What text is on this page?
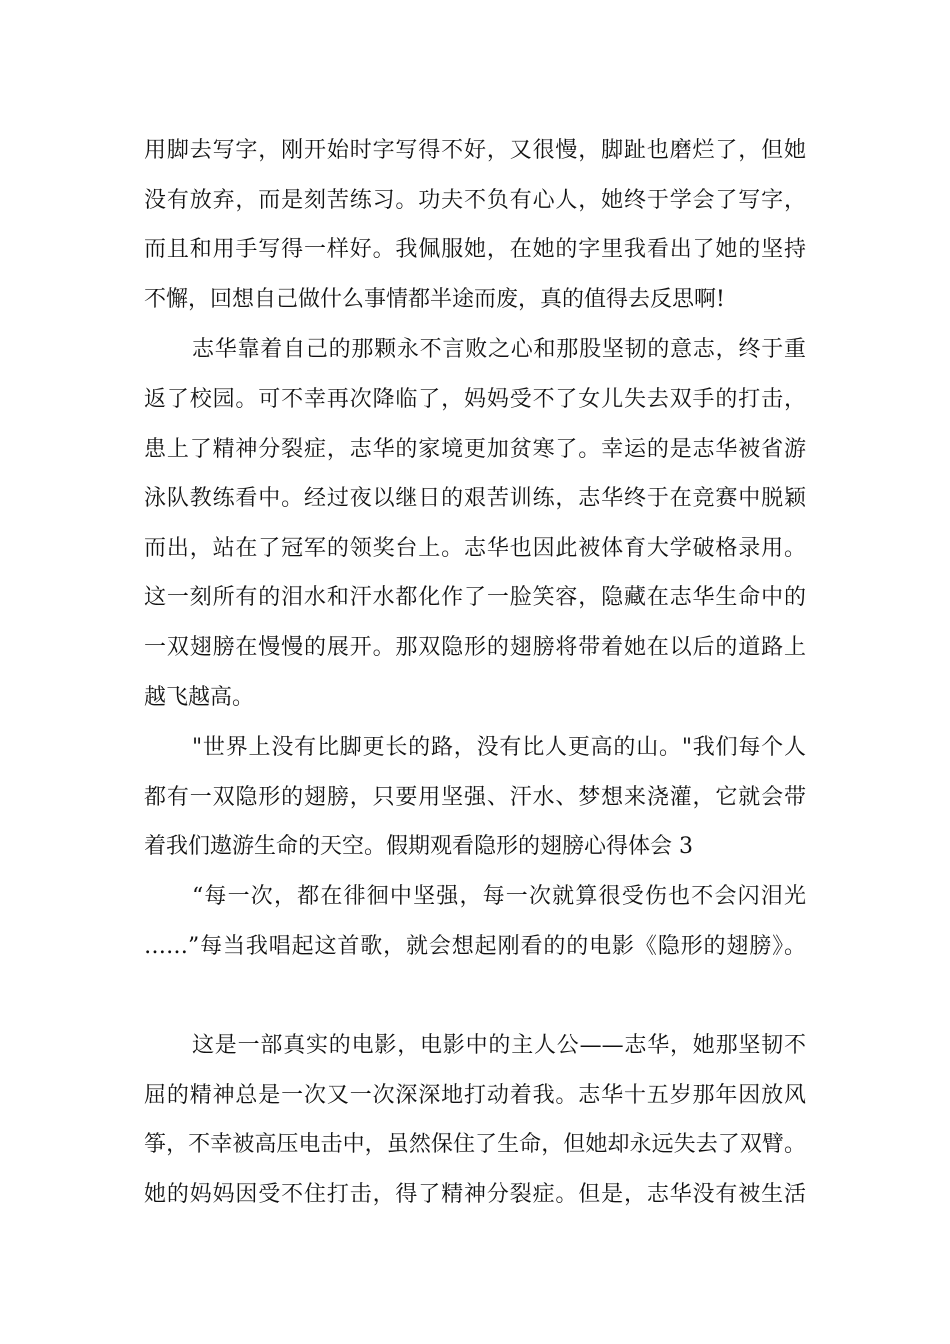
用脚去写字，刚开始时字写得不好，又很慢，脚趾也磨烂了，但她
没有放弃，而是刻苦练习。功夫不负有心人，她终于学会了写字，
而且和用手写得一样好。我佩服她，在她的字里我看出了她的坚持
不懈，回想自己做什么事情都半途而废，真的值得去反思啊!
志华靠着自己的那颗永不言败之心和那股坚韧的意志，终于重
返了校园。可不幸再次降临了，妈妈受不了女儿失去双手的打击，
患上了精神分裂症，志华的家境更加贫寒了。幸运的是志华被省游
泳队教练看中。经过夜以继日的艰苦训练，志华终于在竞赛中脱颖
而出，站在了冠军的领奖台上。志华也因此被体育大学破格录用。
这一刻所有的泪水和汗水都化作了一脸笑容，隐藏在志华生命中的
一双翅膀在慢慢的展开。那双隐形的翅膀将带着她在以后的道路上
越飞越高。
"世界上没有比脚更长的路，没有比人更高的山。"我们每个人
都有一双隐形的翅膀，只要用坚强、汗水、梦想来浇灌，它就会带
着我们遨游生命的天空。假期观看隐形的翅膀心得体会 3
“每一次，都在徘徊中坚强，每一次就算很受伤也不会闪泪光
……”每当我唱起这首歌，就会想起刚看的的电影《隐形的翅膀》。
这是一部真实的电影，电影中的主人公——志华，她那坚韧不
屈的精神总是一次又一次深深地打动着我。志华十五岁那年因放风
筝，不幸被高压电击中，虽然保住了生命，但她却永远失去了双臂。
她的妈妈因受不住打击，得了精神分裂症。但是，志华没有被生活
